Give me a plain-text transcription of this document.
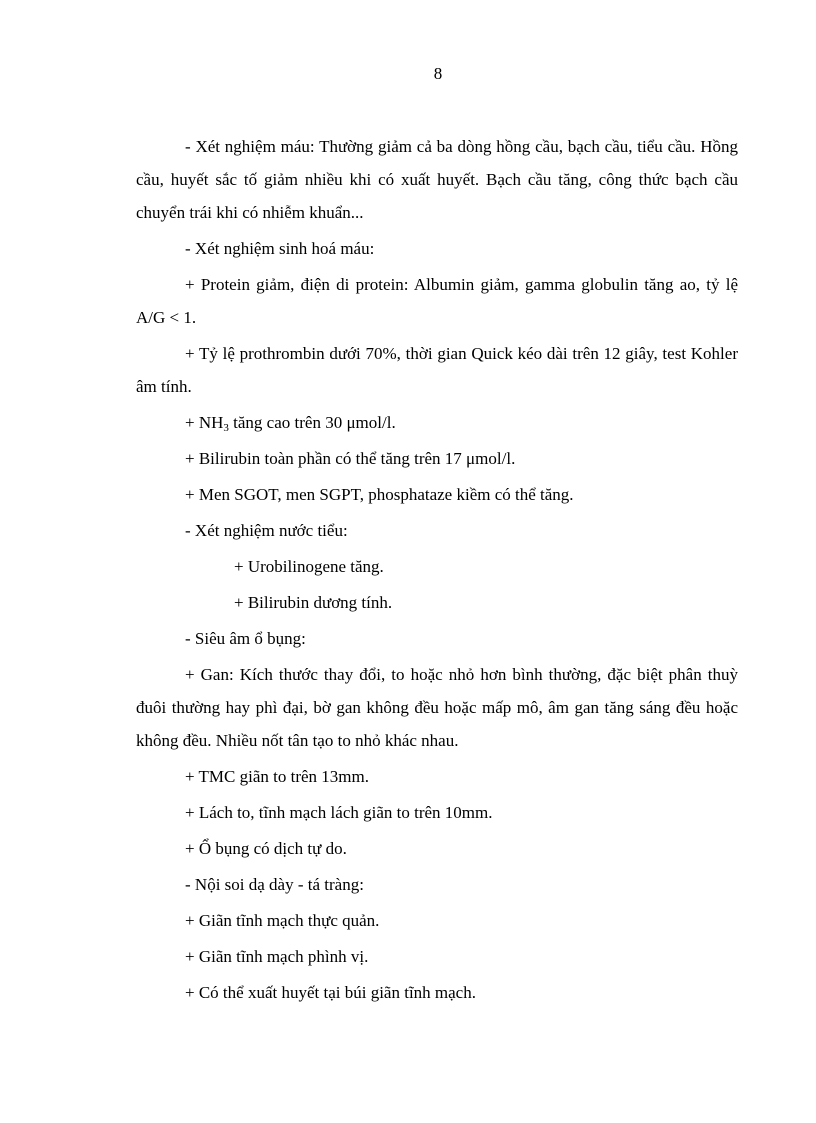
8

- Xét nghiệm máu: Thường giảm cả ba dòng hồng cầu, bạch cầu, tiểu cầu. Hồng cầu, huyết sắc tố giảm nhiều khi có xuất huyết. Bạch cầu tăng, công thức bạch cầu chuyển trái khi có nhiễm khuẩn...

- Xét nghiệm sinh hoá máu:

+ Protein giảm, điện di protein: Albumin giảm, gamma globulin tăng ao, tỷ lệ A/G < 1.

+ Tỷ lệ prothrombin dưới 70%, thời gian Quick kéo dài trên 12 giây, test Kohler âm tính.

+ $NH_3$ tăng cao trên 30 μmol/l.

+ Bilirubin toàn phần có thể tăng trên 17 μmol/l.

+ Men SGOT, men SGPT, phosphataze kiềm có thể tăng.

- Xét nghiệm nước tiểu:

+ Urobilinogene tăng.

+ Bilirubin dương tính.

- Siêu âm ổ bụng:

+ Gan: Kích thước thay đổi, to hoặc nhỏ hơn bình thường, đặc biệt phân thuỳ đuôi thường hay phì đại, bờ gan không đều hoặc mấp mô, âm gan tăng sáng đều hoặc không đều. Nhiều nốt tân tạo to nhỏ khác nhau.

+ TMC giãn to trên 13mm.

+ Lách to, tĩnh mạch lách giãn to trên 10mm.

+ Ổ bụng có dịch tự do.

- Nội soi dạ dày - tá tràng:

+ Giãn tĩnh mạch thực quản.

+ Giãn tĩnh mạch phình vị.

+ Có thể xuất huyết tại búi giãn tĩnh mạch.
